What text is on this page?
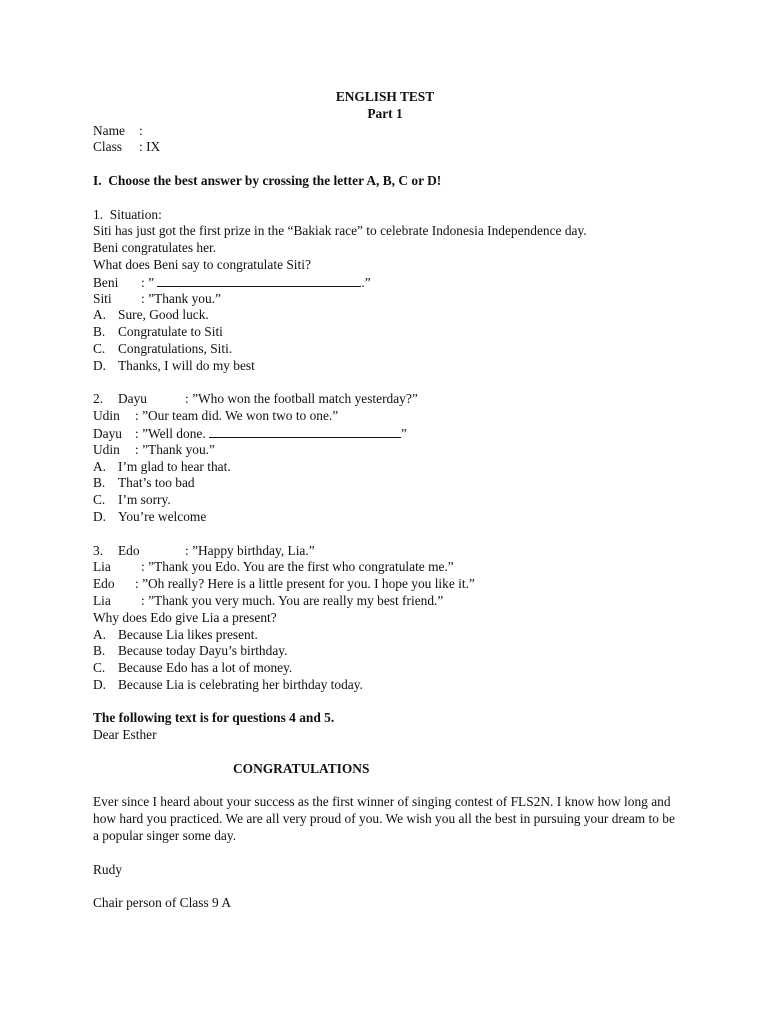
ENGLISH TEST
Part 1
Name :
Class : IX
I.  Choose the best answer by crossing the letter A, B, C or D!
1.  Situation:
Siti has just got the first prize in the “Bakiak race” to celebrate Indonesia Independence day.
Beni congratulates her.
What does Beni say to congratulate Siti?
Beni : ”	.”
Siti : ”Thank you.”
A. Sure, Good luck.
B. Congratulate to Siti
C. Congratulations, Siti.
D. Thanks, I will do my best
2. Dayu	: ”Who won the football match yesterday?”
Udin : ”Our team did. We won two to one.”
Dayu : ”Well done.	”
Udin : ”Thank you.”
A. I’m glad to hear that.
B. That’s too bad
C. I’m sorry.
D. You’re welcome
3. Edo	: ”Happy birthday, Lia.”
Lia : ”Thank you Edo. You are the first who congratulate me.”
Edo : ”Oh really? Here is a little present for you. I hope you like it.”
Lia : ”Thank you very much. You are really my best friend.”
Why does Edo give Lia a present?
A. Because Lia likes present.
B. Because today Dayu’s birthday.
C. Because Edo has a lot of money.
D. Because Lia is celebrating her birthday today.
The following text is for questions 4 and 5.
Dear Esther
CONGRATULATIONS
Ever since I heard about your success as the first winner of singing contest of FLS2N. I know how long and how hard you practiced. We are all very proud of you. We wish you all the best in pursuing your dream to be a popular singer some day.
Rudy
Chair person of Class 9 A
